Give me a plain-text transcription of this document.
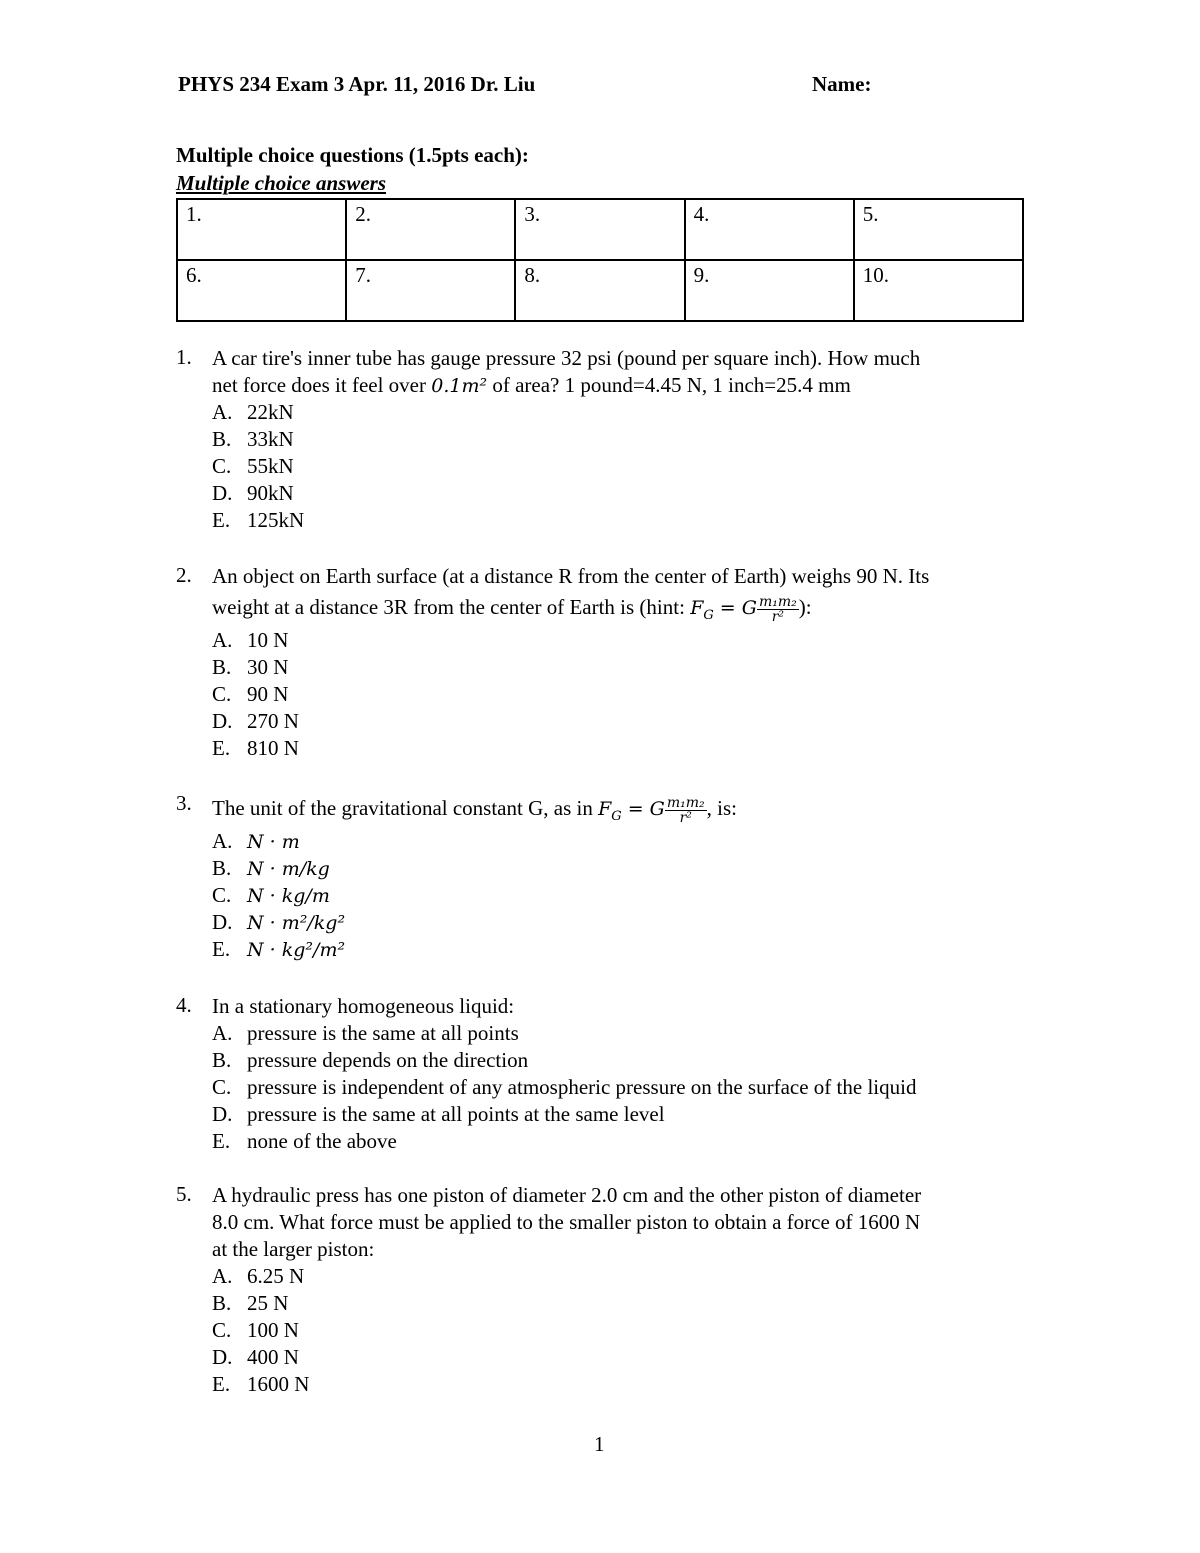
PHYS 234 Exam 3 Apr. 11, 2016 Dr. Liu	Name:
Multiple choice questions (1.5pts each):
Multiple choice answers
1.	2.	3.	4.	5.
6.	7.	8.	9.	10.
1. A car tire's inner tube has gauge pressure 32 psi (pound per square inch). How much
net force does it feel over 0.1m² of area? 1 pound=4.45 N, 1 inch=25.4 mm
A. 22kN
B. 33kN
C. 55kN
D. 90kN
E. 125kN
2. An object on Earth surface (at a distance R from the center of Earth) weighs 90 N. Its
weight at a distance 3R from the center of Earth is (hint: $F_G = G \frac{\text{m₁m₂}}{\text{r²}}$ ):
A. 10 N
B. 30 N
C. 90 N
D. 270 N
E. 810 N
3. The unit of the gravitational constant G, as in $F_G = G \frac{\text{m₁m₂}}{\text{r²}}$ , is:
A. N · m
B. N · m/kg
C. N · kg/m
D. N · m²/kg²
E. N · kg²/m²
4. In a stationary homogeneous liquid:
A. pressure is the same at all points
B. pressure depends on the direction
C. pressure is independent of any atmospheric pressure on the surface of the liquid
D. pressure is the same at all points at the same level
E. none of the above
5. A hydraulic press has one piston of diameter 2.0 cm and the other piston of diameter
8.0 cm. What force must be applied to the smaller piston to obtain a force of 1600 N
at the larger piston:
A. 6.25 N
B. 25 N
C. 100 N
D. 400 N
E. 1600 N
1
